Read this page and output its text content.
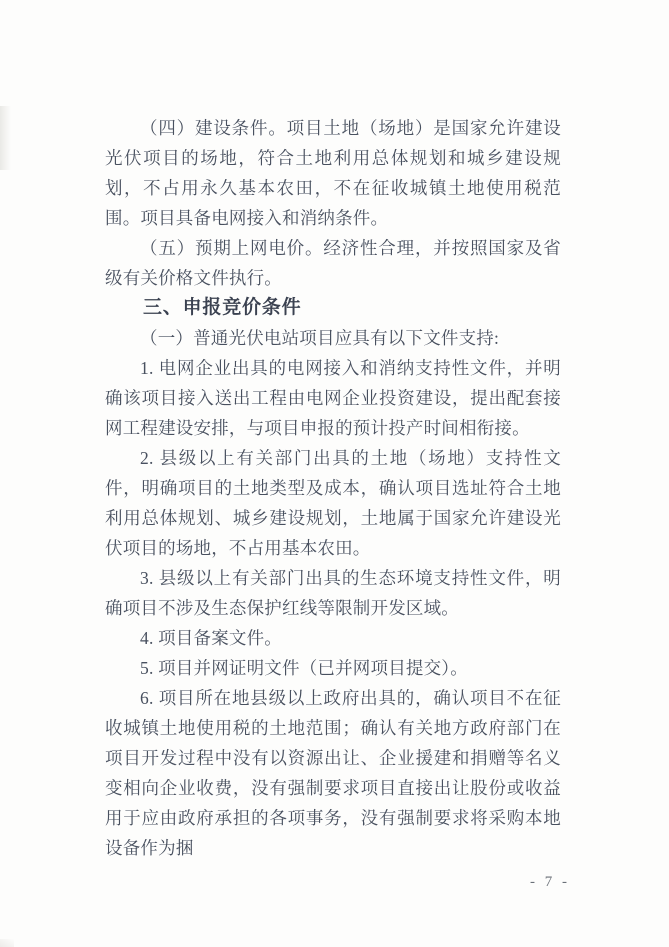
（四）建设条件。项目土地（场地）是国家允许建设光伏项目的场地，符合土地利用总体规划和城乡建设规划，不占用永久基本农田，不在征收城镇土地使用税范围。项目具备电网接入和消纳条件。

（五）预期上网电价。经济性合理，并按照国家及省级有关价格文件执行。

三、申报竞价条件

（一）普通光伏电站项目应具有以下文件支持:

1. 电网企业出具的电网接入和消纳支持性文件，并明确该项目接入送出工程由电网企业投资建设，提出配套接网工程建设安排，与项目申报的预计投产时间相衔接。

2. 县级以上有关部门出具的土地（场地）支持性文件，明确项目的土地类型及成本，确认项目选址符合土地利用总体规划、城乡建设规划，土地属于国家允许建设光伏项目的场地，不占用基本农田。

3. 县级以上有关部门出具的生态环境支持性文件，明确项目不涉及生态保护红线等限制开发区域。

4. 项目备案文件。

5. 项目并网证明文件（已并网项目提交）。

6. 项目所在地县级以上政府出具的，确认项目不在征收城镇土地使用税的土地范围；确认有关地方政府部门在项目开发过程中没有以资源出让、企业援建和捐赠等名义变相向企业收费，没有强制要求项目直接出让股份或收益用于应由政府承担的各项事务，没有强制要求将采购本地设备作为捆

- 7 -
